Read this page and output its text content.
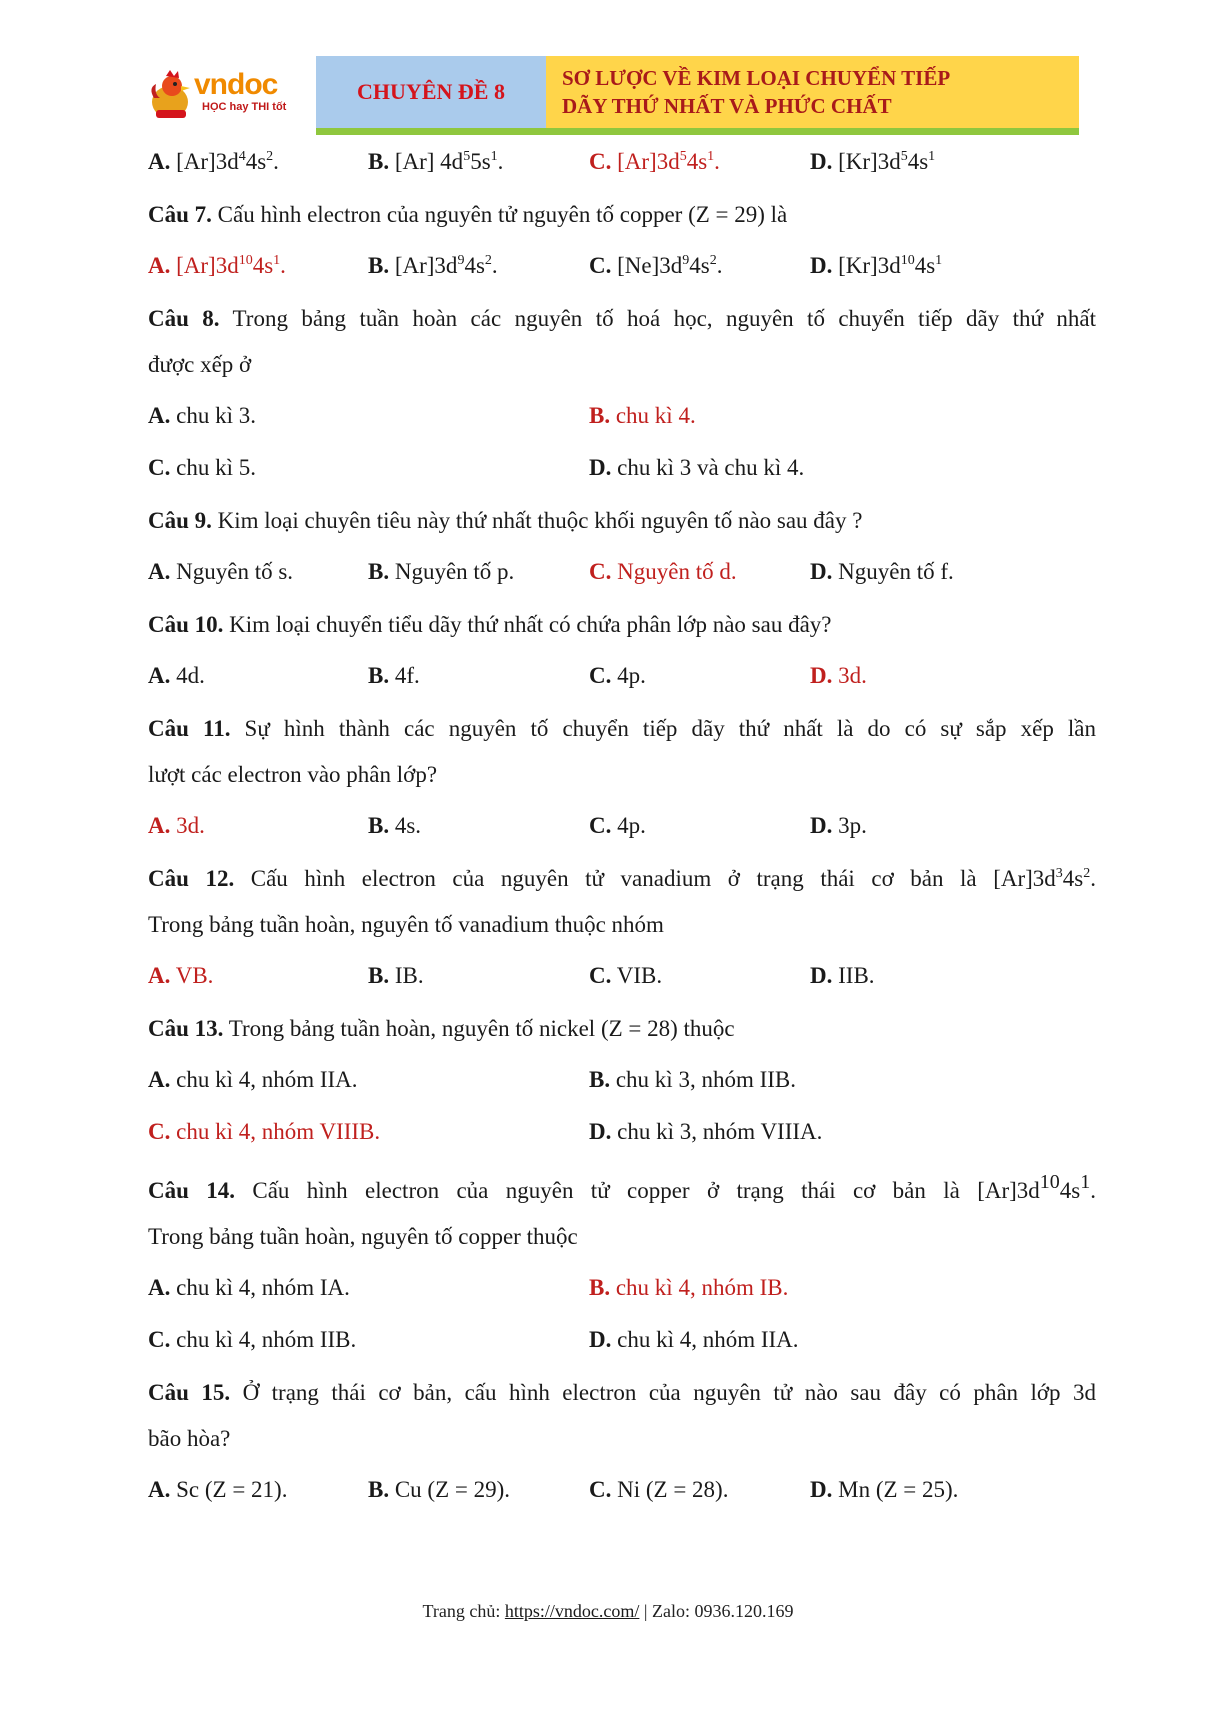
vndoc
HỌC hay THI tốt
CHUYÊN ĐỀ 8
SƠ LƯỢC VỀ KIM LOẠI CHUYỂN TIẾP
DÃY THỨ NHẤT VÀ PHỨC CHẤT
A. $[Ar]3d^44s^2$.	B. [Ar] $4d^55s^1$.	C. $[Ar]3d^54s^1$.	D. $[Kr]3d^54s^1$
Câu 7. Cấu hình electron của nguyên tử nguyên tố copper (Z = 29) là
A. $[Ar]3d^{10}4s^1$.	B. $[Ar]3d^94s^2$.	C. $[Ne]3d^94s^2$.	D. $[Kr]3d^{10}4s^1$
Câu 8. Trong bảng tuần hoàn các nguyên tố hoá học, nguyên tố chuyển tiếp dãy thứ nhất
được xếp ở
A. chu kì 3.	B. chu kì 4.
C. chu kì 5.	D. chu kì 3 và chu kì 4.
Câu 9. Kim loại chuyên tiêu này thứ nhất thuộc khối nguyên tố nào sau đây ?
A. Nguyên tố s.	B. Nguyên tố p.	C. Nguyên tố d.	D. Nguyên tố f.
Câu 10. Kim loại chuyển tiểu dãy thứ nhất có chứa phân lớp nào sau đây?
A. 4d.	B. 4f.	C. 4p.	D. 3d.
Câu 11. Sự hình thành các nguyên tố chuyển tiếp dãy thứ nhất là do có sự sắp xếp lần
lượt các electron vào phân lớp?
A. 3d.	B. 4s.	C. 4p.	D. 3p.
Câu 12. Cấu hình electron của nguyên tử vanadium ở trạng thái cơ bản là $[Ar]3d^34s^2$.
Trong bảng tuần hoàn, nguyên tố vanadium thuộc nhóm
A. VB.	B. IB.	C. VIB.	D. IIB.
Câu 13. Trong bảng tuần hoàn, nguyên tố nickel (Z = 28) thuộc
A. chu kì 4, nhóm IIA.	B. chu kì 3, nhóm IIB.
C. chu kì 4, nhóm VIIIB.	D. chu kì 3, nhóm VIIIA.
Câu 14. Cấu hình electron của nguyên tử copper ở trạng thái cơ bản là $[Ar]3d^{10}4s^1$.
Trong bảng tuần hoàn, nguyên tố copper thuộc
A. chu kì 4, nhóm IA.	B. chu kì 4, nhóm IB.
C. chu kì 4, nhóm IIB.	D. chu kì 4, nhóm IIA.
Câu 15. Ở trạng thái cơ bản, cấu hình electron của nguyên tử nào sau đây có phân lớp 3d
bão hòa?
A. Sc (Z = 21).	B. Cu (Z = 29).	C. Ni (Z = 28).	D. Mn (Z = 25).
Trang chủ: https://vndoc.com/ | Zalo: 0936.120.169
